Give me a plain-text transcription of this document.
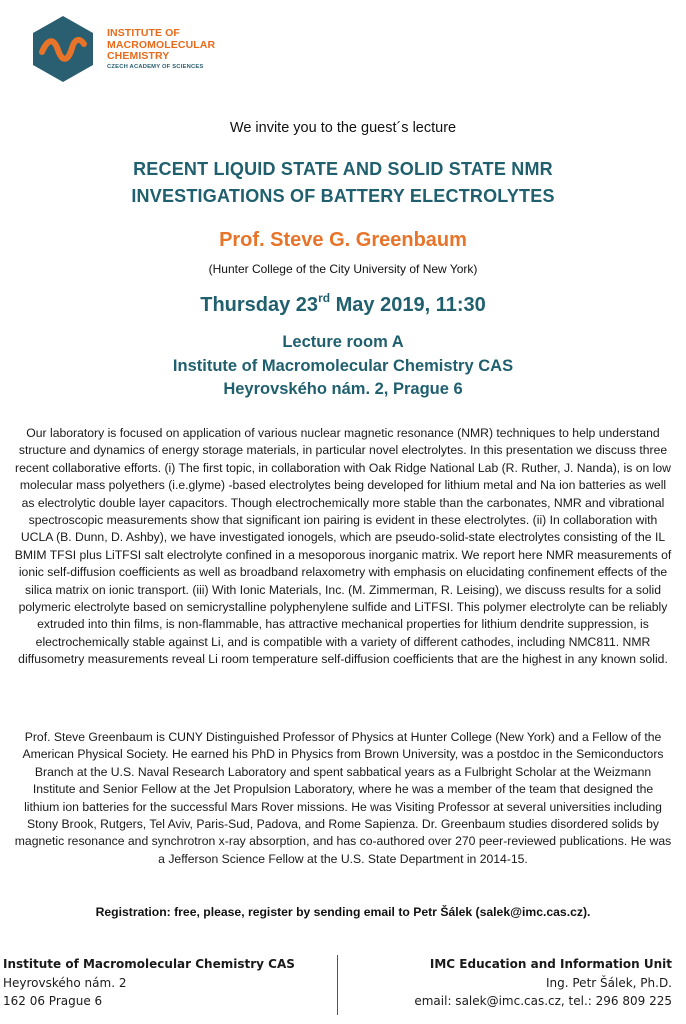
INSTITUTE OF
MACROMOLECULAR
CHEMISTRY
CZECH ACADEMY OF SCIENCES
We invite you to the guest´s lecture
RECENT LIQUID STATE AND SOLID STATE NMR
INVESTIGATIONS OF BATTERY ELECTROLYTES
Prof. Steve G. Greenbaum
(Hunter College of the City University of New York)
Thursday 23rd May 2019, 11:30
Lecture room A
Institute of Macromolecular Chemistry CAS
Heyrovského nám. 2, Prague 6
Our laboratory is focused on application of various nuclear magnetic resonance (NMR) techniques to help understand structure and dynamics of energy storage materials, in particular novel electrolytes. In this presentation we discuss three recent collaborative efforts. (i) The first topic, in collaboration with Oak Ridge National Lab (R. Ruther, J. Nanda), is on low molecular mass polyethers (i.e.glyme) -based electrolytes being developed for lithium metal and Na ion batteries as well as electrolytic double layer capacitors. Though electrochemically more stable than the carbonates, NMR and vibrational spectroscopic measurements show that significant ion pairing is evident in these electrolytes. (ii) In collaboration with UCLA (B. Dunn, D. Ashby), we have investigated ionogels, which are pseudo-solid-state electrolytes consisting of the IL BMIM TFSI plus LiTFSI salt electrolyte confined in a mesoporous inorganic matrix. We report here NMR measurements of ionic self-diffusion coefficients as well as broadband relaxometry with emphasis on elucidating confinement effects of the silica matrix on ionic transport. (iii) With Ionic Materials, Inc. (M. Zimmerman, R. Leising), we discuss results for a solid polymeric electrolyte based on semicrystalline polyphenylene sulfide and LiTFSI. This polymer electrolyte can be reliably extruded into thin films, is non-flammable, has attractive mechanical properties for lithium dendrite suppression, is electrochemically stable against Li, and is compatible with a variety of different cathodes, including NMC811. NMR diffusometry measurements reveal Li room temperature self-diffusion coefficients that are the highest in any known solid.
Prof. Steve Greenbaum is CUNY Distinguished Professor of Physics at Hunter College (New York) and a Fellow of the American Physical Society. He earned his PhD in Physics from Brown University, was a postdoc in the Semiconductors Branch at the U.S. Naval Research Laboratory and spent sabbatical years as a Fulbright Scholar at the Weizmann Institute and Senior Fellow at the Jet Propulsion Laboratory, where he was a member of the team that designed the lithium ion batteries for the successful Mars Rover missions. He was Visiting Professor at several universities including Stony Brook, Rutgers, Tel Aviv, Paris-Sud, Padova, and Rome Sapienza. Dr. Greenbaum studies disordered solids by magnetic resonance and synchrotron x-ray absorption, and has co-authored over 270 peer-reviewed publications. He was a Jefferson Science Fellow at the U.S. State Department in 2014-15.
Registration: free, please, register by sending email to Petr Šálek (salek@imc.cas.cz).
Institute of Macromolecular Chemistry CAS
Heyrovského nám. 2
162 06 Prague 6
IMC Education and Information Unit
Ing. Petr Šálek, Ph.D.
email: salek@imc.cas.cz, tel.: 296 809 225
